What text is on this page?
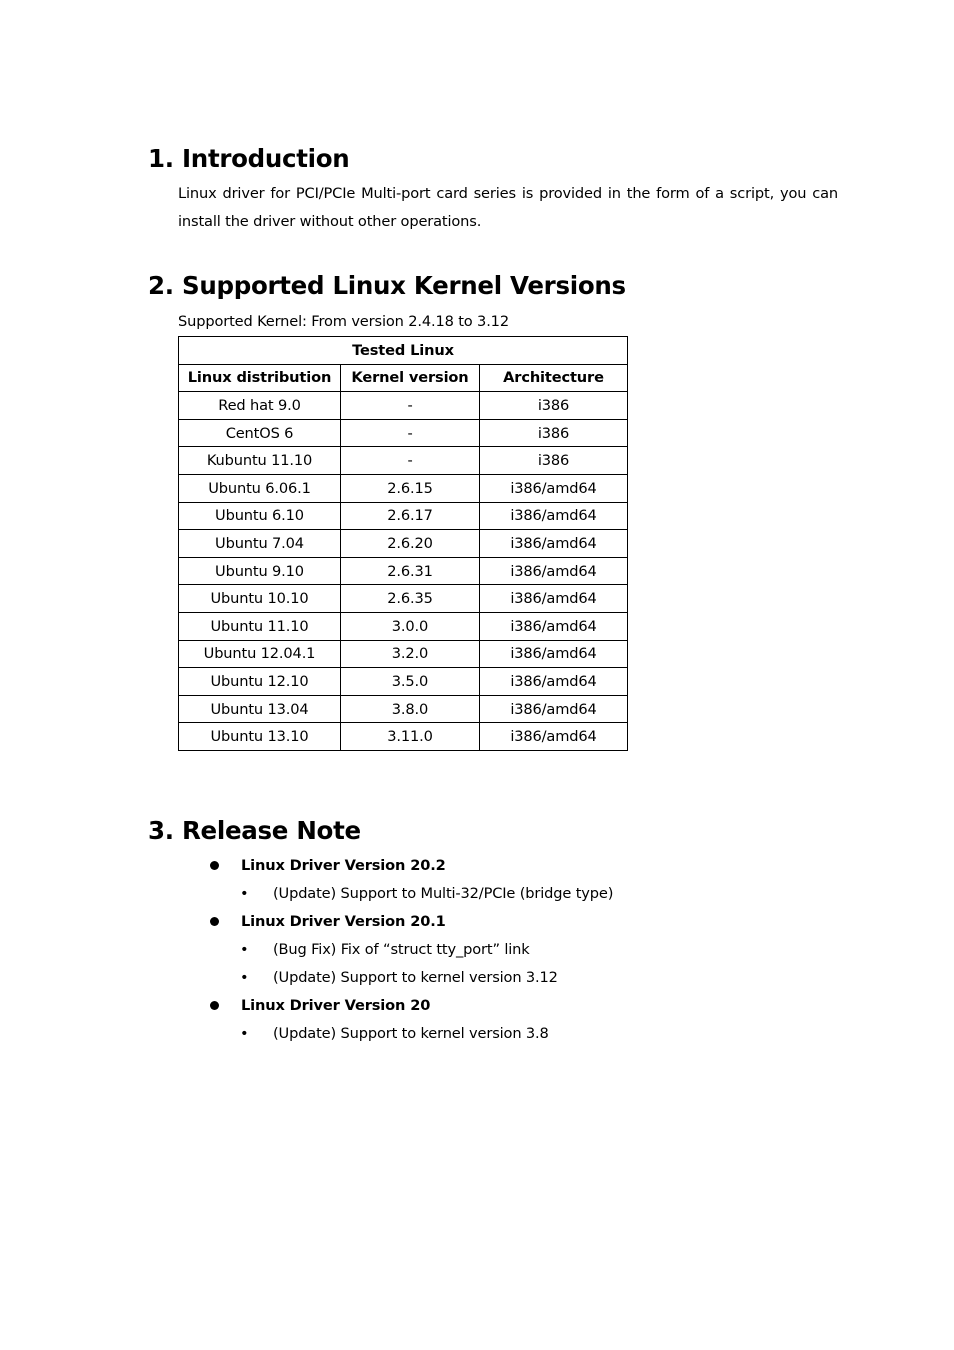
1. Introduction

Linux driver for PCI/PCIe Multi-port card series is provided in the form of a script, you can install the driver without other operations.

2. Supported Linux Kernel Versions

Supported Kernel: From version 2.4.18 to 3.12

Tested Linux		
Linux distribution	Kernel version	Architecture
Red hat 9.0	-	i386
CentOS 6	-	i386
Kubuntu 11.10	-	i386
Ubuntu 6.06.1	2.6.15	i386/amd64
Ubuntu 6.10	2.6.17	i386/amd64
Ubuntu 7.04	2.6.20	i386/amd64
Ubuntu 9.10	2.6.31	i386/amd64
Ubuntu 10.10	2.6.35	i386/amd64
Ubuntu 11.10	3.0.0	i386/amd64
Ubuntu 12.04.1	3.2.0	i386/amd64
Ubuntu 12.10	3.5.0	i386/amd64
Ubuntu 13.04	3.8.0	i386/amd64
Ubuntu 13.10	3.11.0	i386/amd64
3. Release Note
Linux Driver Version 20.2
• (Update) Support to Multi-32/PCIe (bridge type)
Linux Driver Version 20.1
• (Bug Fix) Fix of “struct tty_port” link
• (Update) Support to kernel version 3.12
Linux Driver Version 20
• (Update) Support to kernel version 3.8
